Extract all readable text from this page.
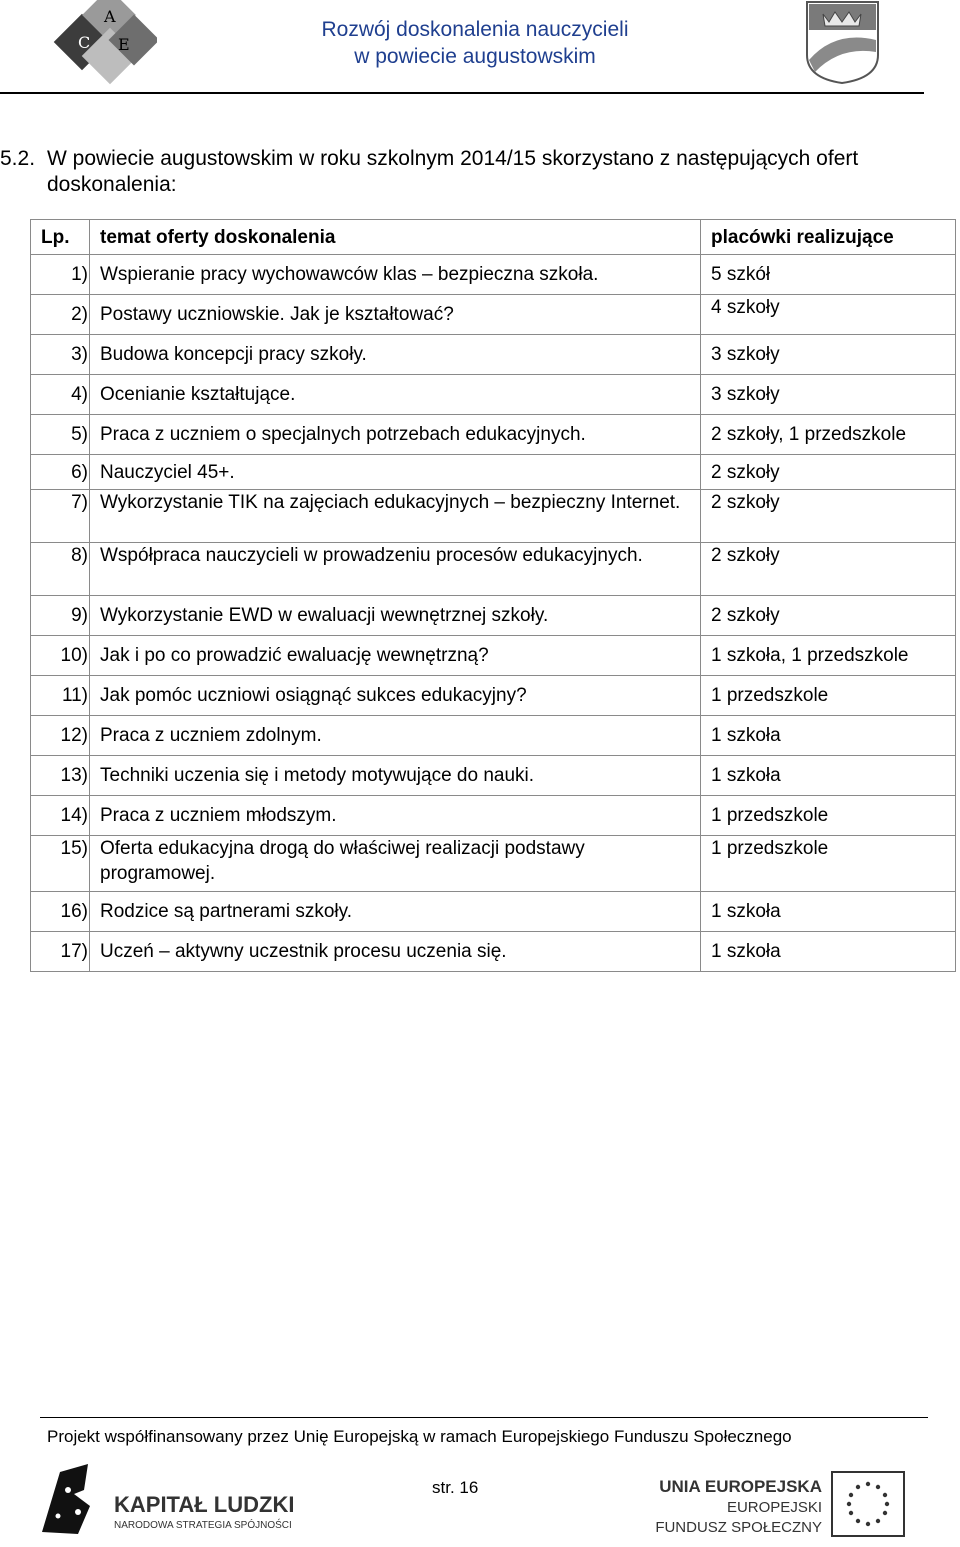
C
A
E
Rozwój doskonalenia nauczycieli
w powiecie augustowskim
5.2. W powiecie augustowskim w roku szkolnym 2014/15 skorzystano z następujących ofert doskonalenia:
Lp.	temat oferty doskonalenia	placówki realizujące
1)	Wspieranie pracy wychowawców klas – bezpieczna szkoła.	5 szkół
2)	Postawy uczniowskie. Jak je kształtować?	4 szkoły
3)	Budowa koncepcji pracy szkoły.	3 szkoły
4)	Ocenianie kształtujące.	3 szkoły
5)	Praca z uczniem o specjalnych potrzebach edukacyjnych.	2 szkoły, 1 przedszkole
6)	Nauczyciel 45+.	2 szkoły
7)	Wykorzystanie TIK na zajęciach edukacyjnych – bezpieczny Internet.	2 szkoły
8)	Współpraca nauczycieli w prowadzeniu procesów edukacyjnych.	2 szkoły
9)	Wykorzystanie EWD w ewaluacji wewnętrznej szkoły.	2 szkoły
10)	Jak i po co prowadzić ewaluację wewnętrzną?	1 szkoła, 1 przedszkole
11)	Jak pomóc uczniowi osiągnąć sukces edukacyjny?	1 przedszkole
12)	Praca z uczniem zdolnym.	1 szkoła
13)	Techniki uczenia się i metody motywujące do nauki.	1 szkoła
14)	Praca z uczniem młodszym.	1 przedszkole
15)	Oferta edukacyjna drogą do właściwej realizacji podstawy programowej.	1 przedszkole
16)	Rodzice są partnerami szkoły.	1 szkoła
17)	Uczeń – aktywny uczestnik procesu uczenia się.	1 szkoła
Projekt współfinansowany przez Unię Europejską w ramach Europejskiego Funduszu Społecznego
KAPITAŁ LUDZKI
NARODOWA STRATEGIA SPÓJNOŚCI
str. 16	UNIA EUROPEJSKA
EUROPEJSKI
FUNDUSZ SPOŁECZNY
